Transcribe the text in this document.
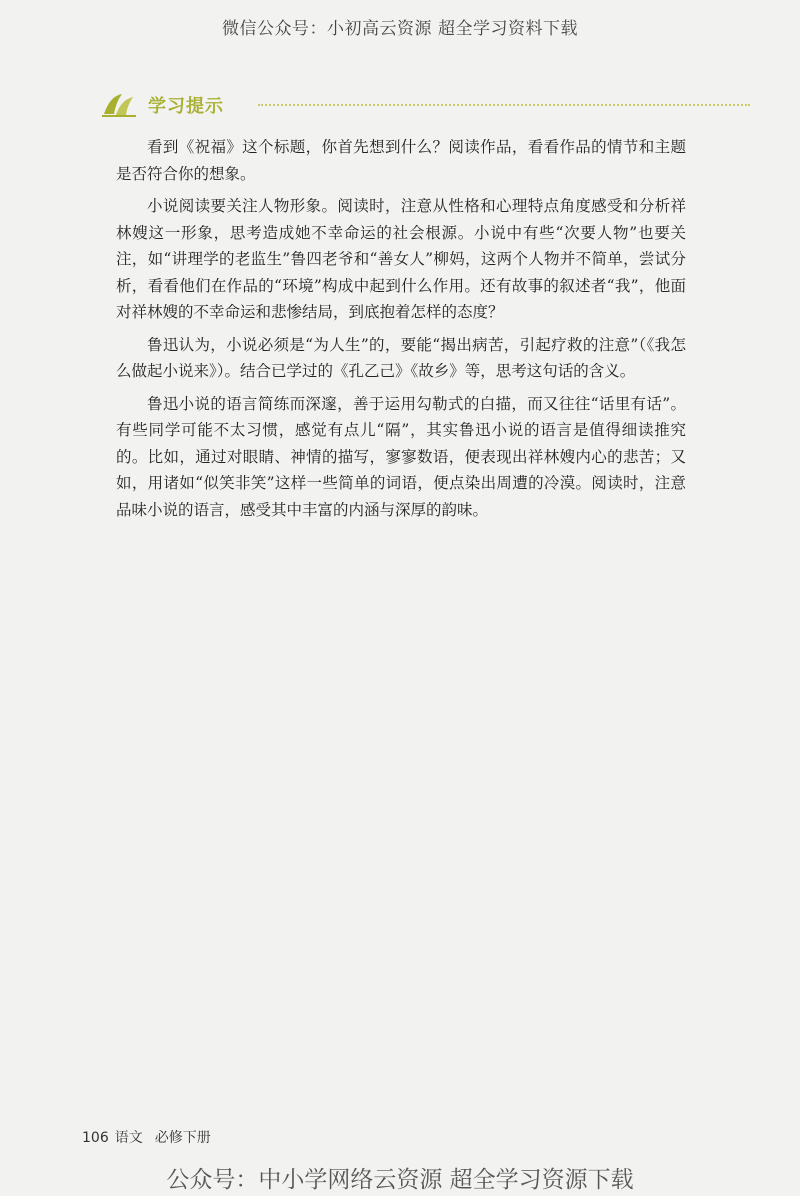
微信公众号：小初高云资源 超全学习资料下载
学习提示

看到《祝福》这个标题，你首先想到什么？阅读作品，看看作品的情节和主题是否符合你的想象。

小说阅读要关注人物形象。阅读时，注意从性格和心理特点角度感受和分析祥林嫂这一形象，思考造成她不幸命运的社会根源。小说中有些“次要人物”也要关注，如“讲理学的老监生”鲁四老爷和“善女人”柳妈，这两个人物并不简单，尝试分析，看看他们在作品的“环境”构成中起到什么作用。还有故事的叙述者“我”，他面对祥林嫂的不幸命运和悲惨结局，到底抱着怎样的态度？

鲁迅认为，小说必须是“为人生”的，要能“揭出病苦，引起疗救的注意”（《我怎么做起小说来》）。结合已学过的《孔乙己》《故乡》等，思考这句话的含义。

鲁迅小说的语言简练而深邃，善于运用勾勒式的白描，而又往往“话里有话”。有些同学可能不太习惯，感觉有点儿“隔”，其实鲁迅小说的语言是值得细读推究的。比如，通过对眼睛、神情的描写，寥寥数语，便表现出祥林嫂内心的悲苦；又如，用诸如“似笑非笑”这样一些简单的词语，便点染出周遭的冷漠。阅读时，注意品味小说的语言，感受其中丰富的内涵与深厚的韵味。

106 语文 必修下册
公众号：中小学网络云资源 超全学习资源下载
